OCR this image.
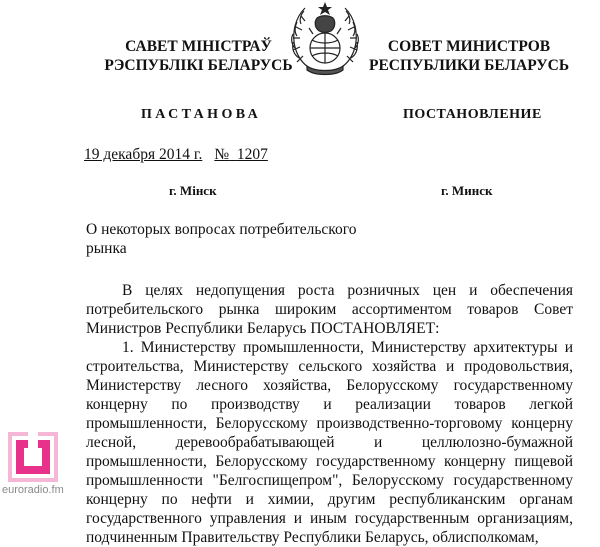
САВЕТ МІНІСТРАЎ
РЭСПУБЛІКІ БЕЛАРУСЬ
СОВЕТ МИНИСТРОВ
РЕСПУБЛИКИ БЕЛАРУСЬ
ПАСТАНОВА	ПОСТАНОВЛЕНИЕ
19 декабря 2014 г. № 1207
г. Мінск	г. Минск
О некоторых вопросах потребительского рынка

В целях недопущения роста розничных цен и обеспечения потребительского рынка широким ассортиментом товаров Совет Министров Республики Беларусь ПОСТАНОВЛЯЕТ:

1. Министерству промышленности, Министерству архитектуры и строительства, Министерству сельского хозяйства и продовольствия, Министерству лесного хозяйства, Белорусскому государственному концерну по производству и реализации товаров легкой промышленности, Белорусскому производственно-торговому концерну лесной, деревообрабатывающей и целлюлозно-бумажной промышленности, Белорусскому государственному концерну пищевой промышленности "Белгоспищепром", Белорусскому государственному концерну по нефти и химии, другим республиканским органам государственного управления и иным государственным организациям, подчиненным Правительству Республики Беларусь, облисполкомам,

euroradio.fm
